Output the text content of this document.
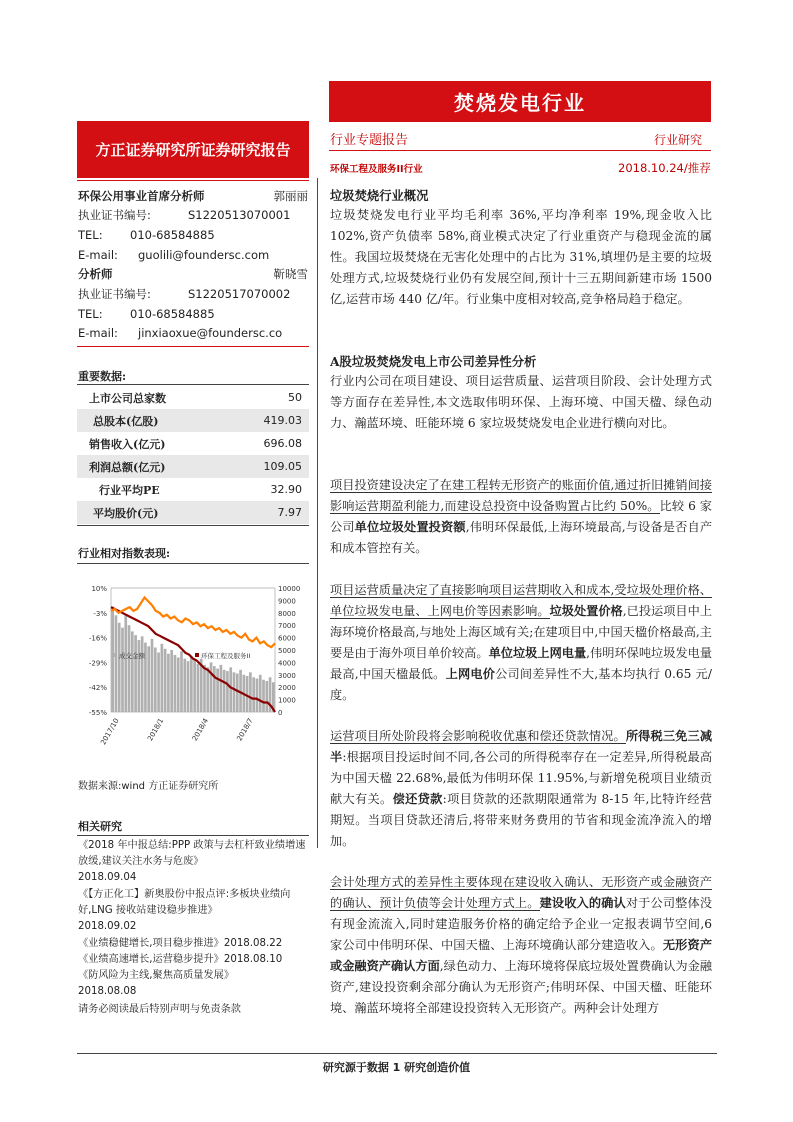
焚烧发电行业
方正证券研究所证券研究报告
行业专题报告	行业研究
环保工程及服务II行业	2018.10.24/推荐
环保公用事业首席分析师	郭丽丽
执业证书编号:	S1220513070001
TEL:	010-68584885
E-mail:	guolili@foundersc.com
分析师	靳晓雪
执业证书编号:	S1220517070002
TEL:	010-68584885
E-mail:	jinxiaoxue@foundersc.co
重要数据:
上市公司总家数	50
总股本(亿股)	419.03
销售收入(亿元)	696.08
利润总额(亿元)	109.05
行业平均PE	32.90
平均股价(元)	7.97
行业相对指数表现:
10%
-3%
-16%
-29%
-42%
-55%
10000
9000
8000
7000
6000
5000
4000
3000
2000
1000
0
2017/10	2018/1	2018/4	2018/7
成交金额	环保工程及服务II
数据来源:wind 方正证券研究所
相关研究
《2018 年中报总结:PPP 政策与去杠杆致业绩增速放缓,建议关注水务与危废》
2018.09.04
《【方正化工】新奥股份中报点评:多板块业绩向好,LNG 接收站建设稳步推进》
2018.09.02
《业绩稳健增长,项目稳步推进》2018.08.22
《业绩高速增长,运营稳步提升》2018.08.10
《防风险为主线,聚焦高质量发展》
2018.08.08
请务必阅读最后特别声明与免责条款
垃圾焚烧行业概况
垃圾焚烧发电行业平均毛利率 36%,平均净利率 19%,现金收入比 102%,资产负债率 58%,商业模式决定了行业重资产与稳现金流的属性。我国垃圾焚烧在无害化处理中的占比为 31%,填埋仍是主要的垃圾处理方式,垃圾焚烧行业仍有发展空间,预计十三五期间新建市场 1500 亿,运营市场 440 亿/年。行业集中度相对较高,竞争格局趋于稳定。
A股垃圾焚烧发电上市公司差异性分析
行业内公司在项目建设、项目运营质量、运营项目阶段、会计处理方式等方面存在差异性,本文选取伟明环保、上海环境、中国天楹、绿色动力、瀚蓝环境、旺能环境 6 家垃圾焚烧发电企业进行横向对比。
项目投资建设决定了在建工程转无形资产的账面价值,通过折旧摊销间接影响运营期盈利能力,而建设总投资中设备购置占比约 50%。比较 6 家公司单位垃圾处置投资额,伟明环保最低,上海环境最高,与设备是否自产和成本管控有关。
项目运营质量决定了直接影响项目运营期收入和成本,受垃圾处理价格、单位垃圾发电量、上网电价等因素影响。垃圾处置价格,已投运项目中上海环境价格最高,与地处上海区域有关;在建项目中,中国天楹价格最高,主要是由于海外项目单价较高。单位垃圾上网电量,伟明环保吨垃圾发电量最高,中国天楹最低。上网电价公司间差异性不大,基本均执行 0.65 元/度。
运营项目所处阶段将会影响税收优惠和偿还贷款情况。所得税三免三减半:根据项目投运时间不同,各公司的所得税率存在一定差异,所得税最高为中国天楹 22.68%,最低为伟明环保 11.95%,与新增免税项目业绩贡献大有关。偿还贷款:项目贷款的还款期限通常为 8-15 年,比特许经营期短。当项目贷款还清后,将带来财务费用的节省和现金流净流入的增加。
会计处理方式的差异性主要体现在建设收入确认、无形资产或金融资产的确认、预计负债等会计处理方式上。建设收入的确认对于公司整体没有现金流流入,同时建造服务价格的确定给予企业一定报表调节空间,6 家公司中伟明环保、中国天楹、上海环境确认部分建造收入。无形资产或金融资产确认方面,绿色动力、上海环境将保底垃圾处置费确认为金融资产,建设投资剩余部分确认为无形资产;伟明环保、中国天楹、旺能环境、瀚蓝环境将全部建设投资转入无形资产。两种会计处理方
研究源于数据 1 研究创造价值
